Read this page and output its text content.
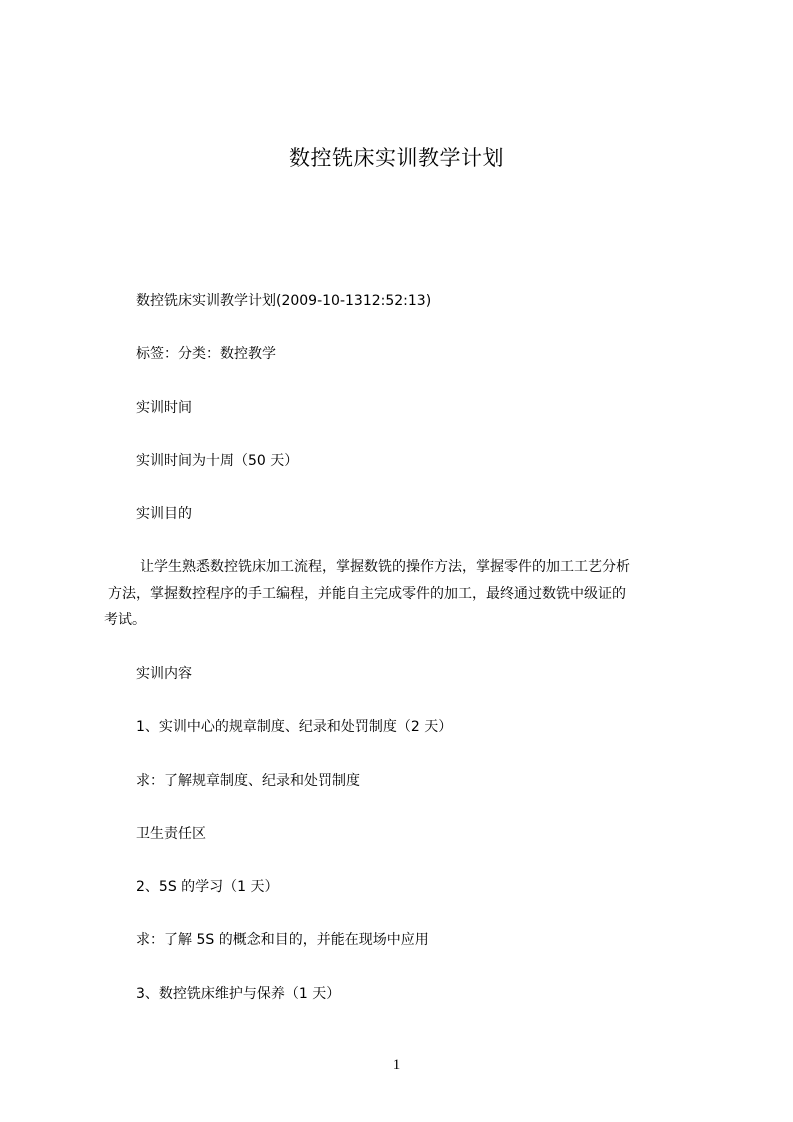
数控铣床实训教学计划
数控铣床实训教学计划(2009-10-1312:52:13)
标签：分类：数控教学
实训时间
实训时间为十周（50 天）
实训目的
让学生熟悉数控铣床加工流程，掌握数铣的操作方法，掌握零件的加工工艺分析
方法，掌握数控程序的手工编程，并能自主完成零件的加工，最终通过数铣中级证的
考试。
实训内容
1、实训中心的规章制度、纪录和处罚制度（2 天）
求：了解规章制度、纪录和处罚制度
卫生责任区
2、5S 的学习（1 天）
求：了解 5S 的概念和目的，并能在现场中应用
3、数控铣床维护与保养（1 天）
1
